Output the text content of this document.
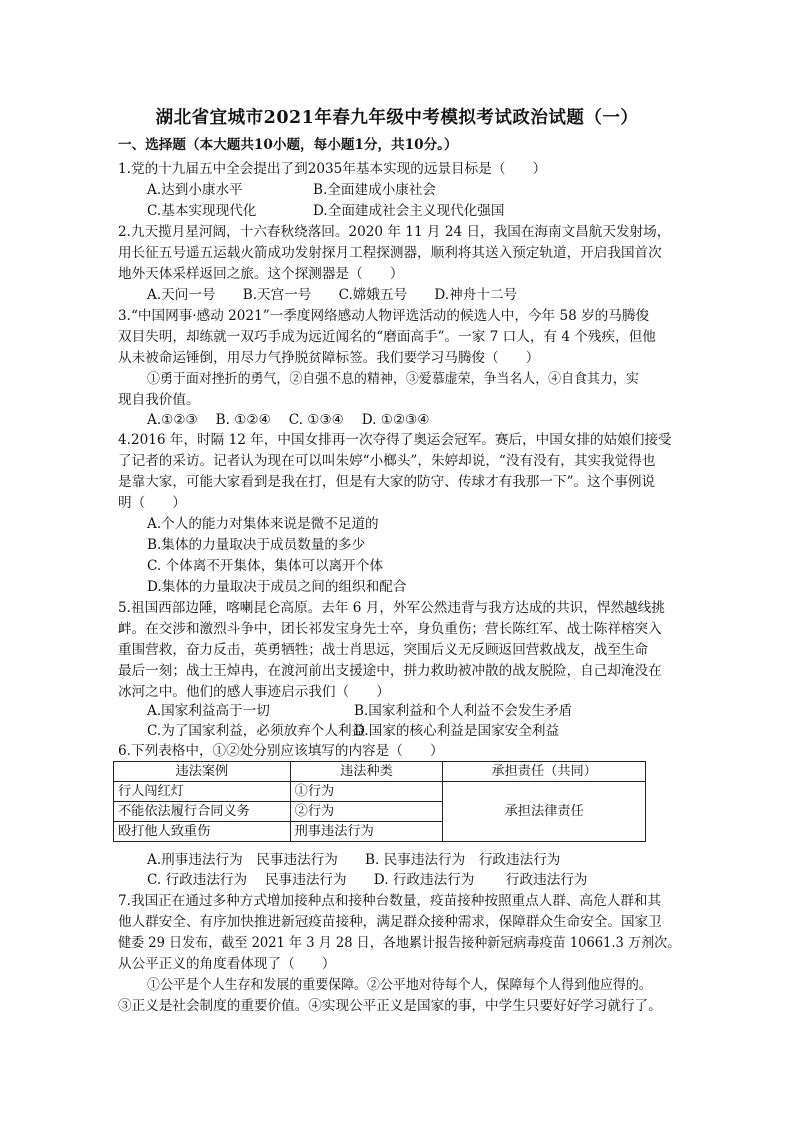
湖北省宜城市2021年春九年级中考模拟考试政治试题（一）
一、选择题（本大题共10小题，每小题1分，共10分。）
1.党的十九届五中全会提出了到2035年基本实现的远景目标是（　　）
A.达到小康水平	B.全面建成小康社会
C.基本实现现代化	D.全面建成社会主义现代化强国
2.九天揽月星河阔，十六春秋绕落回。2020 年 11 月 24 日，我国在海南文昌航天发射场，
用长征五号遥五运载火箭成功发射探月工程探测器，顺利将其送入预定轨道，开启我国首次
地外天体采样返回之旅。这个探测器是（　　）
A.天问一号　　B.天宫一号　　C.嫦娥五号　　D.神舟十二号
3.“中国网事·感动 2021”一季度网络感动人物评选活动的候选人中，今年 58 岁的马腾俊
双目失明，却练就一双巧手成为远近闻名的“磨面高手”。一家 7 口人，有 4 个残疾，但他
从未被命运锤倒，用尽力气挣脱贫障标签。我们要学习马腾俊（　　）
①勇于面对挫折的勇气，②自强不息的精神，③爱慕虚荣，争当名人，④自食其力，实
现自我价值。
A.①②③　 B. ①②④　 C. ①③④　 D. ①②③④
4.2016 年，时隔 12 年，中国女排再一次夺得了奥运会冠军。赛后，中国女排的姑娘们接受
了记者的采访。记者认为现在可以叫朱婷“小榔头”，朱婷却说，“没有没有，其实我觉得也
是靠大家，可能大家看到是我在打，但是有大家的防守、传球才有我那一下”。这个事例说
明（　　）
A.个人的能力对集体来说是微不足道的
B.集体的力量取决于成员数量的多少
C. 个体离不开集体，集体可以离开个体
D.集体的力量取决于成员之间的组织和配合
5.祖国西部边陲，喀喇昆仑高原。去年 6 月，外军公然违背与我方达成的共识，悍然越线挑
衅。在交涉和激烈斗争中，团长祁发宝身先士卒，身负重伤；营长陈红军、战士陈祥榕突入
重围营救，奋力反击，英勇牺牲；战士肖思远，突围后义无反顾返回营救战友，战至生命
最后一刻；战士王焯冉，在渡河前出支援途中，拼力救助被冲散的战友脱险，自己却淹没在
冰河之中。他们的感人事迹启示我们（　　）
A.国家利益高于一切	B.国家利益和个人利益不会发生矛盾
C.为了国家利益，必须放弃个人利益
D.国家的核心利益是国家安全利益
6.下列表格中，①②处分别应该填写的内容是（　　）
违法案例	违法种类	承担责任（共同）
行人闯红灯	①行为	承担法律责任
不能依法履行合同义务	②行为	
殴打他人致重伤	刑事违法行为	
A.刑事违法行为　民事违法行为　　B. 民事违法行为　行政违法行为
C. 行政违法行为　 民事违法行为　　D. 行政违法行为　　 行政违法行为
7.我国正在通过多种方式增加接种点和接种台数量，疫苗接种按照重点人群、高危人群和其
他人群安全、有序加快推进新冠疫苗接种，满足群众接种需求，保障群众生命安全。国家卫
健委 29 日发布，截至 2021 年 3 月 28 日，各地累计报告接种新冠病毒疫苗 10661.3 万剂次。
从公平正义的角度看体现了（　　）
①公平是个人生存和发展的重要保障。②公平地对待每个人，保障每个人得到他应得的。
③正义是社会制度的重要价值。④实现公平正义是国家的事，中学生只要好好学习就行了。
